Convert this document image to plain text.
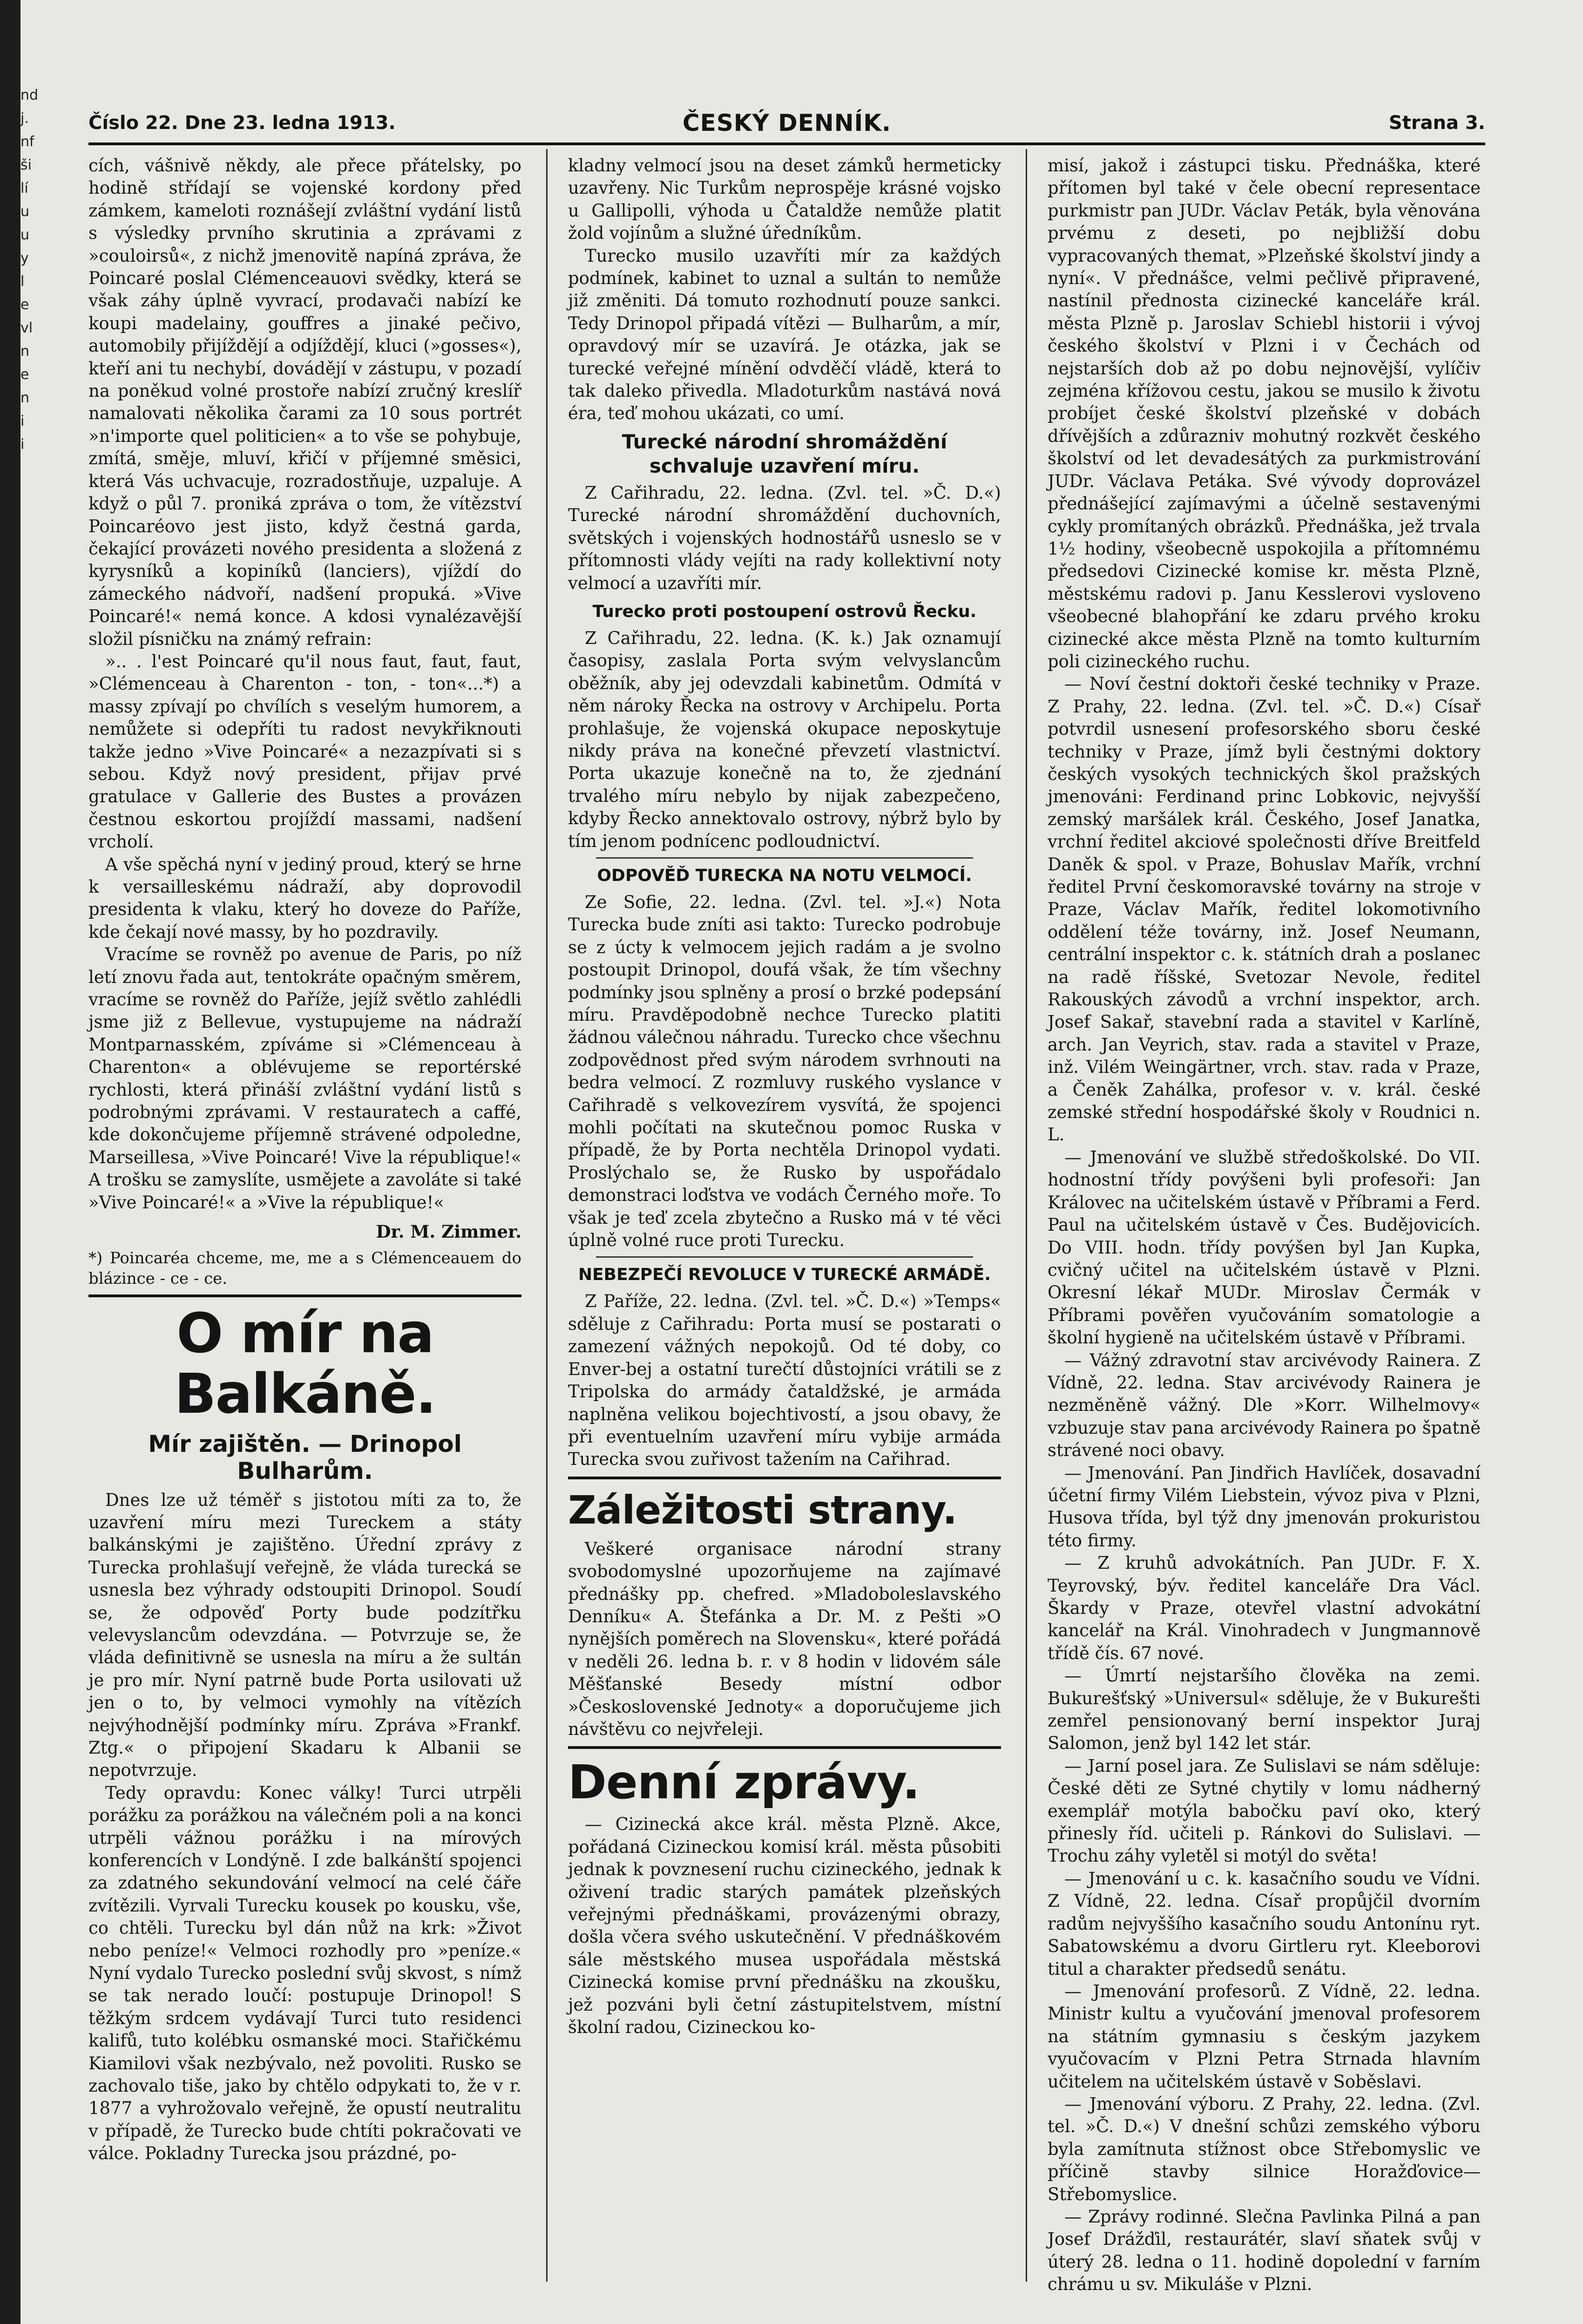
nd
j.
nf
ši
lí
u
u
y
l
e
vl
n
e
n
i
i
Číslo 22. Dne 23. ledna 1913.	ČESKÝ DENNÍK.	Strana 3.

cích, vášnivě někdy, ale přece přátelsky, po hodině střídají se vojenské kordony před zámkem, kameloti roznášejí zvláštní vydání listů s výsledky prvního skrutinia a zprávami z »couloirsů«, z nichž jmenovitě napíná zpráva, že Poincaré poslal Clémenceauovi svědky, která se však záhy úplně vyvrací, prodavači nabízí ke koupi madelainy, gouffres a jinaké pečivo, automobily přijíždějí a odjíždějí, kluci (»gosses«), kteří ani tu nechybí, dovádějí v zástupu, v pozadí na poněkud volné prostoře nabízí zručný kreslíř namalovati několika čarami za 10 sous portrét »n'importe quel politicien« a to vše se pohybuje, zmítá, směje, mluví, křičí v příjemné směsici, která Vás uchvacuje, rozradostňuje, uzpaluje. A když o půl 7. proniká zpráva o tom, že vítězství Poincaréovo jest jisto, když čestná garda, čekající provázeti nového presidenta a složená z kyrysníků a kopiníků (lanciers), vjíždí do zámeckého nádvoří, nadšení propuká. »Vive Poincaré!« nemá konce. A kdosi vynalézavější složil písničku na známý refrain:

».. . l'est Poincaré qu'il nous faut, faut, faut, »Clémenceau à Charenton - ton, - ton«...*) a massy zpívají po chvílích s veselým humorem, a nemůžete si odepříti tu radost nevykřiknouti takže jedno »Vive Poincaré« a nezazpívati si s sebou. Když nový president, přijav prvé gratulace v Gallerie des Bustes a provázen čestnou eskortou projíždí massami, nadšení vrcholí.

A vše spěchá nyní v jediný proud, který se hrne k versailleskému nádraží, aby doprovodil presidenta k vlaku, který ho doveze do Paříže, kde čekají nové massy, by ho pozdravily.

Vracíme se rovněž po avenue de Paris, po níž letí znovu řada aut, tentokráte opačným směrem, vracíme se rovněž do Paříže, jejíž světlo zahlédli jsme již z Bellevue, vystupujeme na nádraží Montparnasském, zpíváme si »Clémenceau à Charenton« a oblévujeme se reportérské rychlosti, která přináší zvláštní vydání listů s podrobnými zprávami. V restauratech a caffé, kde dokončujeme příjemně strávené odpoledne, Marseillesa, »Vive Poincaré! Vive la république!« A trošku se zamyslíte, usmějete a zavoláte si také »Vive Poincaré!« a »Vive la république!«

Dr. M. Zimmer.
*) Poincaréa chceme, me, me a s Clémenceauem do blázince - ce - ce.
O mír na Balkáně.
Mír zajištěn. — Drinopol Bulharům.

Dnes lze už téměř s jistotou míti za to, že uzavření míru mezi Tureckem a státy balkánskými je zajištěno. Úřední zprávy z Turecka prohlašují veřejně, že vláda turecká se usnesla bez výhrady odstoupiti Drinopol. Soudí se, že odpověď Porty bude podzítřku velevyslancům odevzdána. — Potvrzuje se, že vláda definitivně se usnesla na míru a že sultán je pro mír. Nyní patrně bude Porta usilovati už jen o to, by velmoci vymohly na vítězích nejvýhodnější podmínky míru. Zpráva »Frankf. Ztg.« o připojení Skadaru k Albanii se nepotvrzuje.

Tedy opravdu: Konec války! Turci utrpěli porážku za porážkou na válečném poli a na konci utrpěli vážnou porážku i na mírových konferencích v Londýně. I zde balkánští spojenci za zdatného sekundování velmocí na celé čáře zvítězili. Vyrvali Turecku kousek po kousku, vše, co chtěli. Turecku byl dán nůž na krk: »Život nebo peníze!« Velmoci rozhodly pro »peníze.« Nyní vydalo Turecko poslední svůj skvost, s nímž se tak nerado loučí: postupuje Drinopol! S těžkým srdcem vydávají Turci tuto residenci kalifů, tuto kolébku osmanské moci. Stařičkému Kiamilovi však nezbývalo, než povoliti. Rusko se zachovalo tiše, jako by chtělo odpykati to, že v r. 1877 a vyhrožovalo veřejně, že opustí neutralitu v případě, že Turecko bude chtíti pokračovati ve válce. Pokladny Turecka jsou prázdné, po-

kladny velmocí jsou na deset zámků hermeticky uzavřeny. Nic Turkům neprospěje krásné vojsko u Gallipolli, výhoda u Čataldže nemůže platit žold vojínům a služné úředníkům.

Turecko musilo uzavříti mír za každých podmínek, kabinet to uznal a sultán to nemůže již změniti. Dá tomuto rozhodnutí pouze sankci. Tedy Drinopol připadá vítězi — Bulharům, a mír, opravdový mír se uzavírá. Je otázka, jak se turecké veřejné mínění odvděčí vládě, která to tak daleko přivedla. Mladoturkům nastává nová éra, teď mohou ukázati, co umí.

Turecké národní shromáždění schvaluje uzavření míru.

Z Cařihradu, 22. ledna. (Zvl. tel. »Č. D.«) Turecké národní shromáždění duchovních, světských i vojenských hodnostářů usneslo se v přítomnosti vlády vejíti na rady kollektivní noty velmocí a uzavříti mír.

Turecko proti postoupení ostrovů Řecku.

Z Cařihradu, 22. ledna. (K. k.) Jak oznamují časopisy, zaslala Porta svým velvyslancům oběžník, aby jej odevzdali kabinetům. Odmítá v něm nároky Řecka na ostrovy v Archipelu. Porta prohlašuje, že vojenská okupace neposkytuje nikdy práva na konečné převzetí vlastnictví. Porta ukazuje konečně na to, že zjednání trvalého míru nebylo by nijak zabezpečeno, kdyby Řecko annektovalo ostrovy, nýbrž bylo by tím jenom podnícenc podloudnictví.

ODPOVĚĎ TURECKA NA NOTU VELMOCÍ.

Ze Sofie, 22. ledna. (Zvl. tel. »J.«) Nota Turecka bude zníti asi takto: Turecko podrobuje se z úcty k velmocem jejich radám a je svolno postoupit Drinopol, doufá však, že tím všechny podmínky jsou splněny a prosí o brzké podepsání míru. Pravděpodobně nechce Turecko platiti žádnou válečnou náhradu. Turecko chce všechnu zodpovědnost před svým národem svrhnouti na bedra velmocí. Z rozmluvy ruského vyslance v Cařihradě s velkovezírem vysvítá, že spojenci mohli počítati na skutečnou pomoc Ruska v případě, že by Porta nechtěla Drinopol vydati. Proslýchalo se, že Rusko by uspořádalo demonstraci loďstva ve vodách Černého moře. To však je teď zcela zbytečno a Rusko má v té věci úplně volné ruce proti Turecku.

NEBEZPEČÍ REVOLUCE V TURECKÉ ARMÁDĚ.

Z Paříže, 22. ledna. (Zvl. tel. »Č. D.«) »Temps« sděluje z Cařihradu: Porta musí se postarati o zamezení vážných nepokojů. Od té doby, co Enver-bej a ostatní turečtí důstojníci vrátili se z Tripolska do armády čataldžské, je armáda naplněna velikou bojechtivostí, a jsou obavy, že při eventuelním uzavření míru vybije armáda Turecka svou zuřivost tažením na Cařihrad.

Záležitosti strany.

Veškeré organisace národní strany svobodomyslné upozorňujeme na zajímavé přednášky pp. chefred. »Mladoboleslavského Denníku« A. Štefánka a Dr. M. z Pešti »O nynějších poměrech na Slovensku«, které pořádá v neděli 26. ledna b. r. v 8 hodin v lidovém sále Měšťanské Besedy místní odbor »Československé Jednoty« a doporučujeme jich návštěvu co nejvřeleji.

Denní zprávy.

— Cizinecká akce král. města Plzně. Akce, pořádaná Cizineckou komisí král. města působiti jednak k povznesení ruchu cizineckého, jednak k oživení tradic starých památek plzeňských veřejnými přednáškami, provázenými obrazy, došla včera svého uskutečnění. V přednáškovém sále městského musea uspořádala městská Cizinecká komise první přednášku na zkoušku, jež pozváni byli četní zástupitelstvem, místní školní radou, Cizineckou ko-

misí, jakož i zástupci tisku. Přednáška, které přítomen byl také v čele obecní representace purkmistr pan JUDr. Václav Peták, byla věnována prvému z deseti, po nejbližší dobu vypracovaných themat, »Plzeňské školství jindy a nyní«. V přednášce, velmi pečlivě připravené, nastínil přednosta cizinecké kanceláře král. města Plzně p. Jaroslav Schiebl historii i vývoj českého školství v Plzni i v Čechách od nejstarších dob až po dobu nejnovější, vylíčiv zejména křížovou cestu, jakou se musilo k životu probíjet české školství plzeňské v dobách dřívějších a zdůrazniv mohutný rozkvět českého školství od let devadesátých za purkmistrování JUDr. Václava Petáka. Své vývody doprovázel přednášející zajímavými a účelně sestavenými cykly promítaných obrázků. Přednáška, jež trvala 1½ hodiny, všeobecně uspokojila a přítomnému předsedovi Cizinecké komise kr. města Plzně, městskému radovi p. Janu Kesslerovi vysloveno všeobecné blahopřání ke zdaru prvého kroku cizinecké akce města Plzně na tomto kulturním poli cizineckého ruchu.

— Noví čestní doktoři české techniky v Praze. Z Prahy, 22. ledna. (Zvl. tel. »Č. D.«) Císař potvrdil usnesení profesorského sboru české techniky v Praze, jímž byli čestnými doktory českých vysokých technických škol pražských jmenováni: Ferdinand princ Lobkovic, nejvyšší zemský maršálek král. Českého, Josef Janatka, vrchní ředitel akciové společnosti dříve Breitfeld Daněk & spol. v Praze, Bohuslav Mařík, vrchní ředitel První českomoravské továrny na stroje v Praze, Václav Mařík, ředitel lokomotivního oddělení téže továrny, inž. Josef Neumann, centrální inspektor c. k. státních drah a poslanec na radě říšské, Svetozar Nevole, ředitel Rakouských závodů a vrchní inspektor, arch. Josef Sakař, stavební rada a stavitel v Karlíně, arch. Jan Veyrich, stav. rada a stavitel v Praze, inž. Vilém Weingärtner, vrch. stav. rada v Praze, a Čeněk Zahálka, profesor v. v. král. české zemské střední hospodářské školy v Roudnici n. L.

— Jmenování ve službě středoškolské. Do VII. hodnostní třídy povýšeni byli profesoři: Jan Královeс na učitelském ústavě v Příbrami a Ferd. Paul na učitelském ústavě v Čes. Budějovicích. Do VIII. hodn. třídy povýšen byl Jan Kupka, cvičný učitel na učitelském ústavě v Plzni. Okresní lékař MUDr. Miroslav Čermák v Příbrami pověřen vyučováním somatologie a školní hygieně na učitelském ústavě v Příbrami.

— Vážný zdravotní stav arcivévody Rainera. Z Vídně, 22. ledna. Stav arcivévody Rainera je nezměněně vážný. Dle »Korr. Wilhelmovy« vzbuzuje stav pana arcivévody Rainera po špatně strávené noci obavy.

— Jmenování. Pan Jindřich Havlíček, dosavadní účetní firmy Vilém Liebstein, vývoz piva v Plzni, Husova třída, byl týž dny jmenován prokuristou této firmy.

— Z kruhů advokátních. Pan JUDr. F. X. Teyrovský, býv. ředitel kanceláře Dra Václ. Škardy v Praze, otevřel vlastní advokátní kancelář na Král. Vinohradech v Jungmannově třídě čís. 67 nové.

— Úmrtí nejstaršího člověka na zemi. Bukurešťský »Universul« sděluje, že v Bukurešti zemřel pensionovaný berní inspektor Juraj Salomon, jenž byl 142 let stár.

— Jarní posel jara. Ze Sulislavi se nám sděluje: České děti ze Sytné chytily v lomu nádherný exemplář motýla babočku paví oko, který přinesly říd. učiteli p. Ránkovi do Sulislavi. — Trochu záhy vyletěl si motýl do světa!

— Jmenování u c. k. kasačního soudu ve Vídni. Z Vídně, 22. ledna. Císař propůjčil dvorním radům nejvyššího kasačního soudu Antonínu ryt. Sabatowskému a dvoru Girtleru ryt. Kleeborovi titul a charakter předsedů senátu.

— Jmenování profesorů. Z Vídně, 22. ledna. Ministr kultu a vyučování jmenoval profesorem na státním gymnasiu s českým jazykem vyučovacím v Plzni Petra Strnada hlavním učitelem na učitelském ústavě v Soběslavi.

— Jmenování výboru. Z Prahy, 22. ledna. (Zvl. tel. »Č. D.«) V dnešní schůzi zemského výboru byla zamítnuta stížnost obce Střebomyslic ve příčině stavby silnice Horažďovice—Střebomyslice.

— Zprávy rodinné. Slečna Pavlinka Pilná a pan Josef Drážďil, restaurátér, slaví sňatek svůj v úterý 28. ledna o 11. hodině dopolední v farním chrámu u sv. Mikuláše v Plzni.
